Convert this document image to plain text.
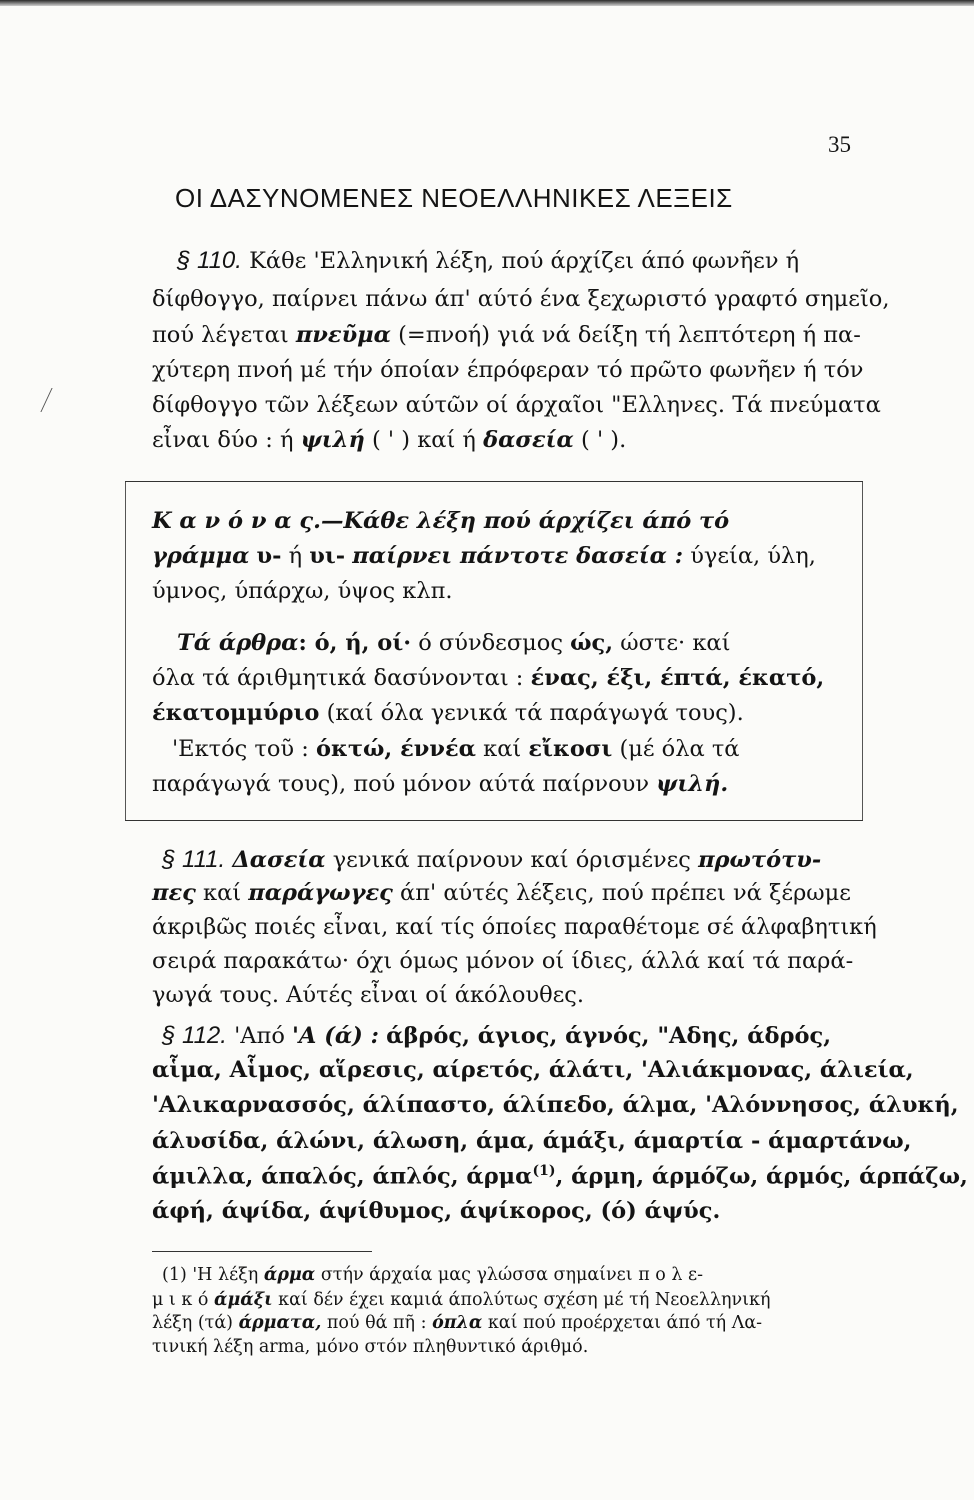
35
ΟΙ ΔΑΣΥΝΟΜΕΝΕΣ ΝΕΟΕΛΛΗΝΙΚΕΣ ΛΕΞΕΙΣ
§ 110. Κάθε 'Ελληνική λέξη, πού άρχίζει άπό φωνῆεν ή
δίφθογγο, παίρνει πάνω άπ' αύτό ένα ξεχωριστό γραφτό σημεῖο,
πού λέγεται πνεῦμα (=πνοή) γιά νά δείξη τή λεπτότερη ή πα-
χύτερη πνοή μέ τήν όποίαν έπρόφεραν τό πρῶτο φωνῆεν ή τόν
δίφθογγο τῶν λέξεων αύτῶν οί άρχαῖοι "Ελληνες. Τά πνεύματα
εἶναι δύο : ή ψιλή ( ' ) καί ή δασεία ( ' ).
Κ α ν ό ν α ς.—Κάθε λέξη πού άρχίζει άπό τό
γράμμα υ- ή υι- παίρνει πάντοτε δασεία : ύγεία, ύλη,
ύμνος, ύπάρχω, ύψος κλπ.
Τά άρθρα: ό, ή, οί· ό σύνδεσμος ώς, ώστε· καί
όλα τά άριθμητικά δασύνονται : ένας, έξι, έπτά, έκατό,
έκατομμύριο (καί όλα γενικά τά παράγωγά τους).
'Εκτός τοῦ : όκτώ, έννέα καί εἴκοσι (μέ όλα τά
παράγωγά τους), πού μόνον αύτά παίρνουν ψιλή.
§ 111. Δασεία γενικά παίρνουν καί όρισμένες πρωτότυ-
πες καί παράγωγες άπ' αύτές λέξεις, πού πρέπει νά ξέρωμε
άκριβῶς ποιές εἶναι, καί τίς όποίες παραθέτομε σέ άλφαβητική
σειρά παρακάτω· όχι όμως μόνον οί ίδιες, άλλά καί τά παρά-
γωγά τους. Αύτές εἶναι οί άκόλουθες.
§ 112. 'Από 'Α (ά) : άβρός, άγιος, άγνός, "Αδης, άδρός,
αἷμα, Αἷμος, αἵρεσις, αίρετός, άλάτι, 'Αλιάκμονας, άλιεία,
'Αλικαρνασσός, άλίπαστο, άλίπεδο, άλμα, 'Αλόννησος, άλυκή,
άλυσίδα, άλώνι, άλωση, άμα, άμάξι, άμαρτία - άμαρτάνω,
άμιλλα, άπαλός, άπλός, άρμα$^{(1)}$, άρμη, άρμόζω, άρμός, άρπάζω,
άφή, άψίδα, άψίθυμος, άψίκορος, (ό) άψύς.
(1) 'Η λέξη άρμα στήν άρχαία μας γλώσσα σημαίνει π ο λ ε-
μ ι κ ό άμάξι καί δέν έχει καμιά άπολύτως σχέση μέ τή Νεοελληνική
λέξη (τά) άρματα, πού θά πῆ : όπλα καί πού προέρχεται άπό τή Λα-
τινική λέξη arma, μόνο στόν πληθυντικό άριθμό.
